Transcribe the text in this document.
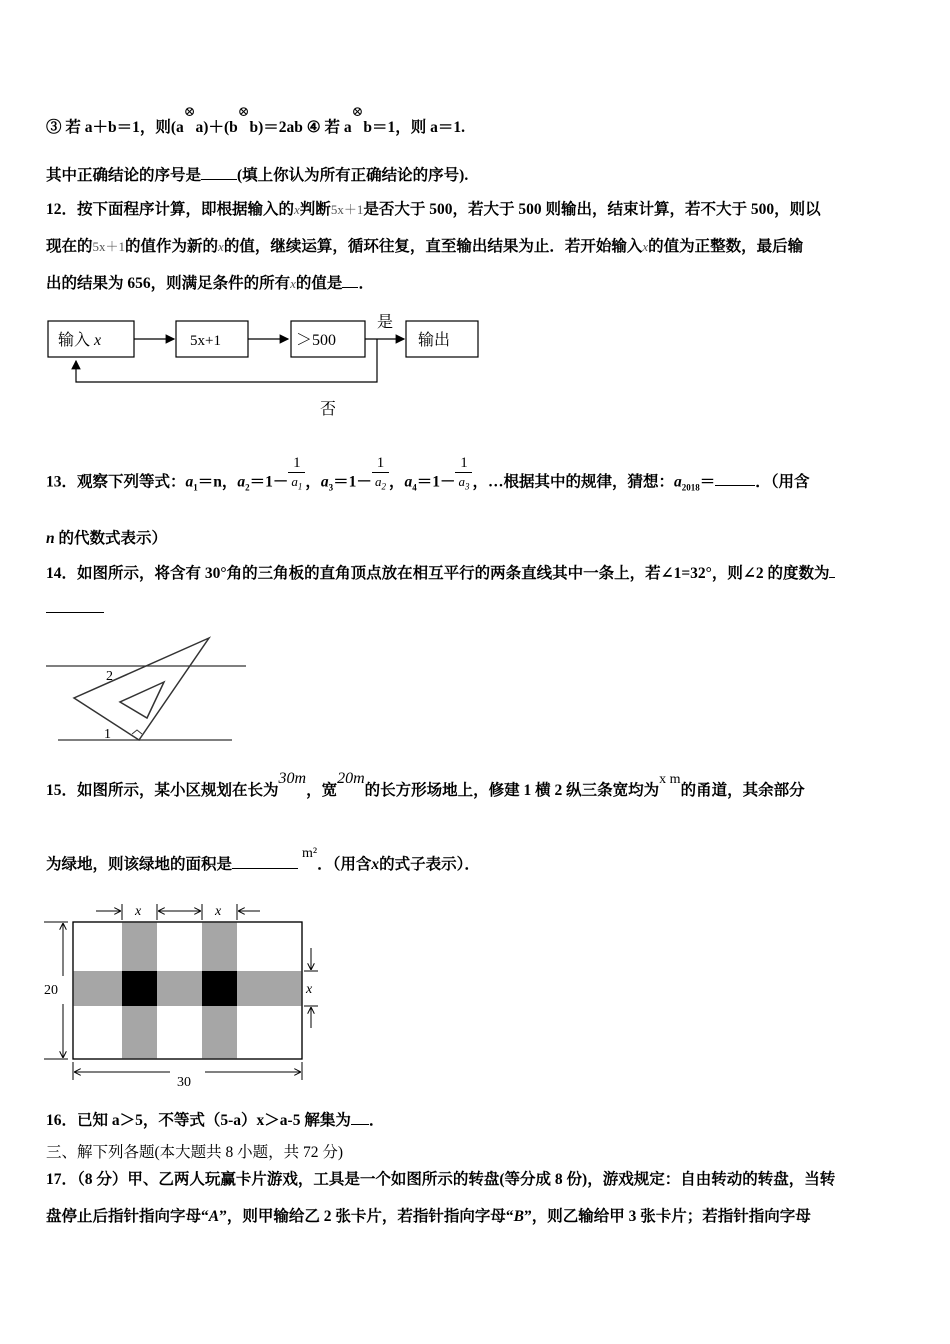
③ 若 a＋b＝1，则(a⊗a)＋(b⊗b)＝2ab ④ 若 a⊗b＝1，则 a＝1.
其中正确结论的序号是 (填上你认为所有正确结论的序号).
12．按下面程序计算，即根据输入的x判断5x＋1是否大于 500，若大于 500 则输出，结束计算，若不大于 500，则以
现在的5x＋1的值作为新的x的值，继续运算，循环往复，直至输出结果为止．若开始输入x的值为正整数，最后输
出的结果为 656，则满足条件的所有x的值是 ．
输入 x	5x+1	＞500
是
输出
否
13．观察下列等式：$a_1=n$，$a_2=1- \frac{1}{a_1}$ ，$a_3=1- \frac{1}{a_2}$ ，$a_4=1- \frac{1}{a_3}$ ，…根据其中的规律，猜想：$a_{2018}=$	．（用含
n 的代数式表示）
14．如图所示，将含有 30°角的三角板的直角顶点放在相互平行的两条直线其中一条上，若∠1=32°，则∠2 的度数为
1
2
15．如图所示，某小区规划在长为30m，宽20m的长方形场地上，修建 1 横 2 纵三条宽均为x m的甬道，其余部分
为绿地，则该绿地的面积是m²．（用含x的式子表示）．
x	x
x
20
30
16．已知 a＞5，不等式（5-a）x＞a-5 解集为 ．
三、解下列各题(本大题共 8 小题，共 72 分)
17．（8 分）甲、乙两人玩赢卡片游戏，工具是一个如图所示的转盘(等分成 8 份)，游戏规定：自由转动的转盘，当转
盘停止后指针指向字母“A”，则甲输给乙 2 张卡片，若指针指向字母“B”，则乙输给甲 3 张卡片；若指针指向字母
